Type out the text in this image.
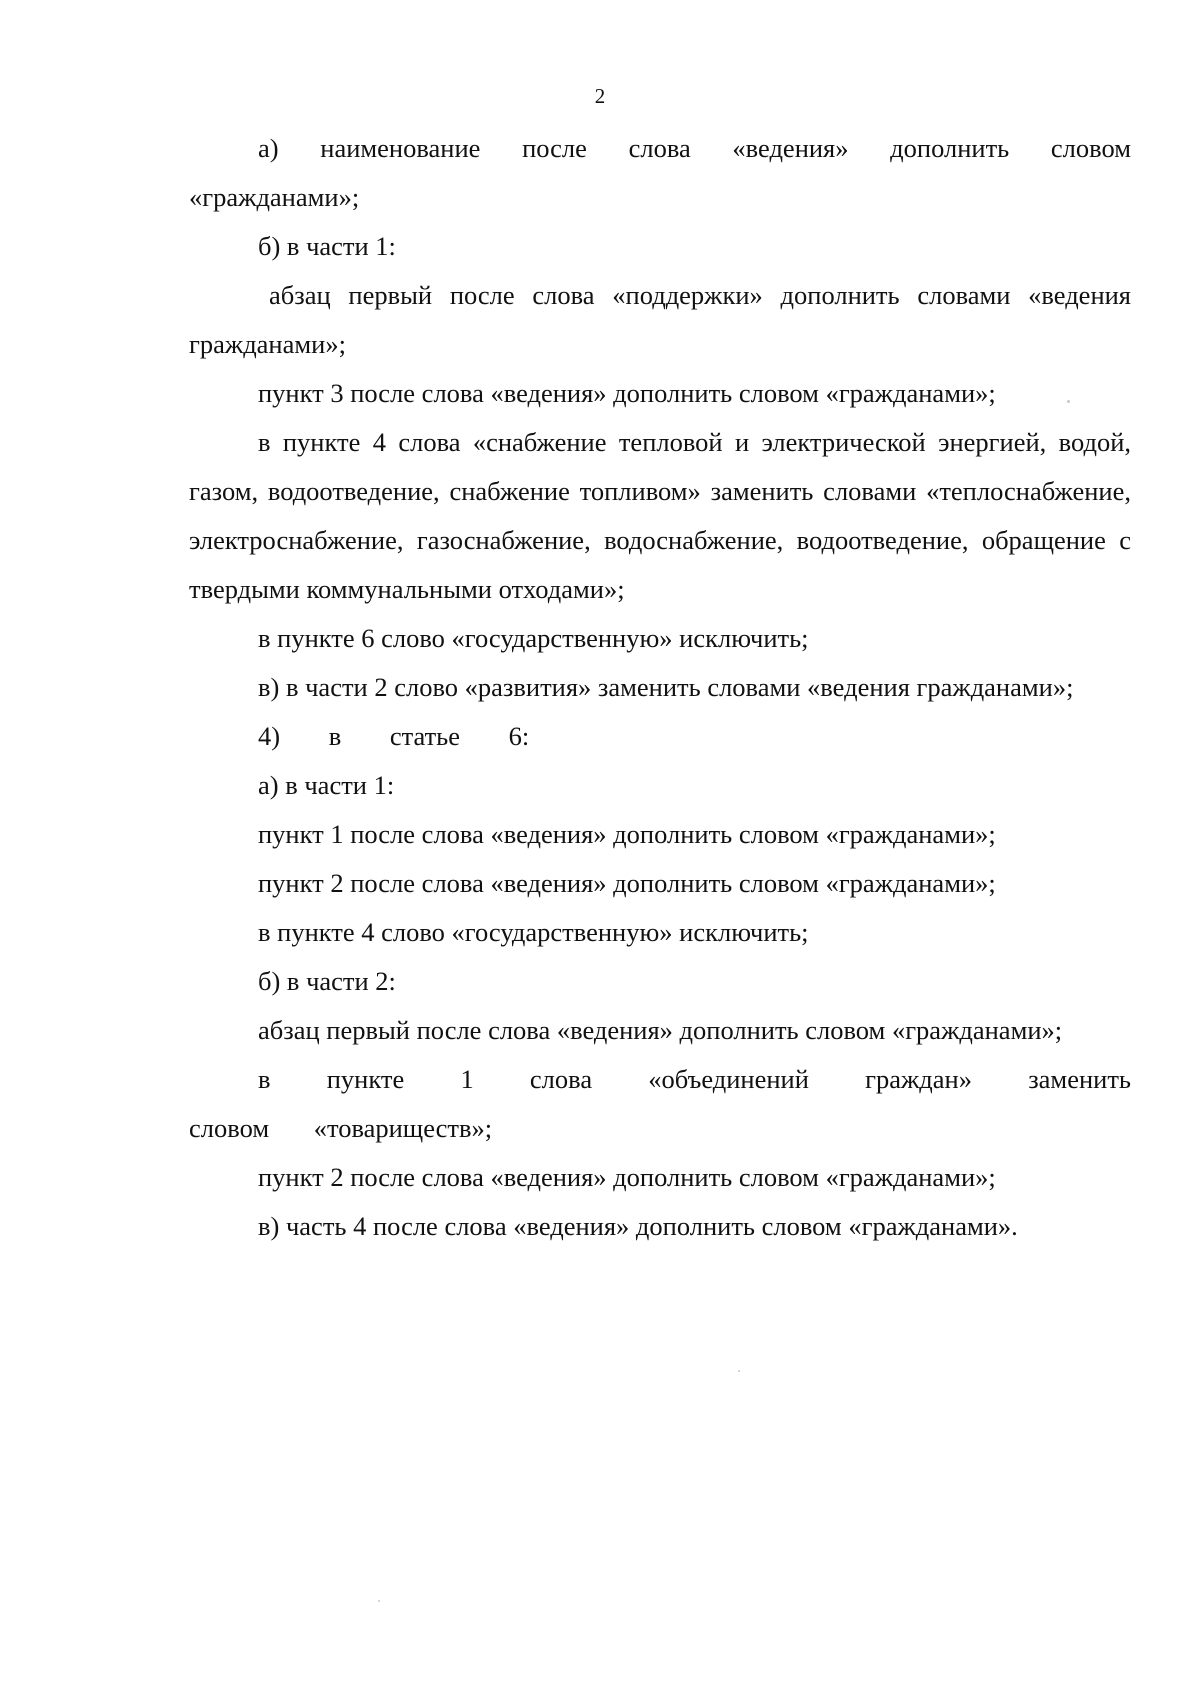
2

а) наименование после слова «ведения» дополнить словом «гражданами»;

б) в части 1:

абзац первый после слова «поддержки» дополнить словами «ведения гражданами»;

пункт 3 после слова «ведения» дополнить словом «гражданами»;

в пункте 4 слова «снабжение тепловой и электрической энергией, водой, газом, водоотведение, снабжение топливом» заменить словами «теплоснабжение, электроснабжение, газоснабжение, водоснабжение, водоотведение, обращение с твердыми коммунальными отходами»;

в пункте 6 слово «государственную» исключить;

в) в части 2 слово «развития» заменить словами «ведения гражданами»;

4) в статье 6:

а) в части 1:

пункт 1 после слова «ведения» дополнить словом «гражданами»;

пункт 2 после слова «ведения» дополнить словом «гражданами»;

в пункте 4 слово «государственную» исключить;

б) в части 2:

абзац первый после слова «ведения» дополнить словом «гражданами»;

в пункте 1 слова «объединений граждан» заменить словом «товариществ»;

пункт 2 после слова «ведения» дополнить словом «гражданами»;

в) часть 4 после слова «ведения» дополнить словом «гражданами».
